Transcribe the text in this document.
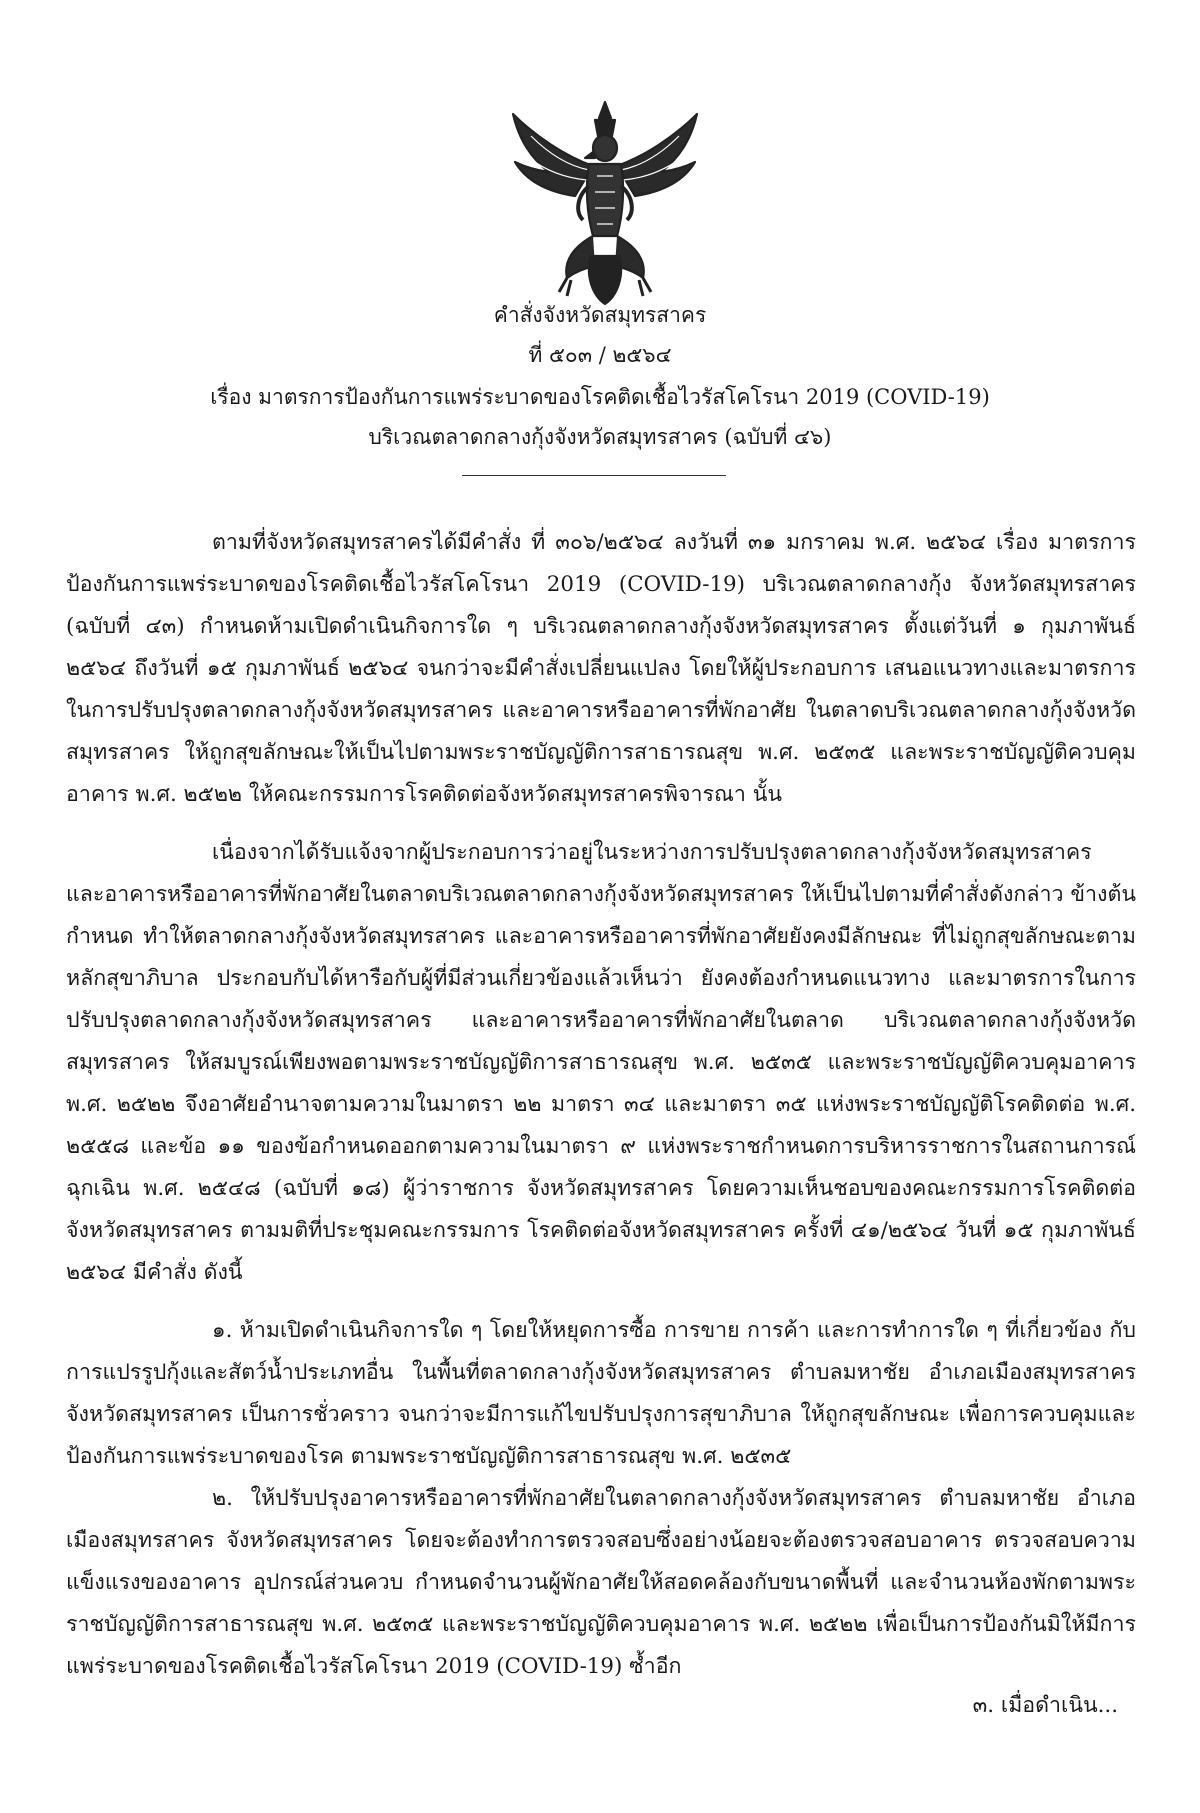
คำสั่งจังหวัดสมุทรสาคร
ที่ ๕๐๓ / ๒๕๖๔
เรื่อง มาตรการป้องกันการแพร่ระบาดของโรคติดเชื้อไวรัสโคโรนา 2019 (COVID-19)
บริเวณตลาดกลางกุ้งจังหวัดสมุทรสาคร (ฉบับที่ ๔๖)

ตามที่จังหวัดสมุทรสาครได้มีคำสั่ง ที่ ๓๐๖/๒๕๖๔ ลงวันที่ ๓๑ มกราคม พ.ศ. ๒๕๖๔ เรื่อง มาตรการป้องกันการแพร่ระบาดของโรคติดเชื้อไวรัสโคโรนา 2019 (COVID-19) บริเวณตลาดกลางกุ้ง จังหวัดสมุทรสาคร (ฉบับที่ ๔๓) กำหนดห้ามเปิดดำเนินกิจการใด ๆ บริเวณตลาดกลางกุ้งจังหวัดสมุทรสาคร ตั้งแต่วันที่ ๑ กุมภาพันธ์ ๒๕๖๔ ถึงวันที่ ๑๕ กุมภาพันธ์ ๒๕๖๔ จนกว่าจะมีคำสั่งเปลี่ยนแปลง โดยให้ผู้ประกอบการ เสนอแนวทางและมาตรการในการปรับปรุงตลาดกลางกุ้งจังหวัดสมุทรสาคร และอาคารหรืออาคารที่พักอาศัย ในตลาดบริเวณตลาดกลางกุ้งจังหวัดสมุทรสาคร ให้ถูกสุขลักษณะให้เป็นไปตามพระราชบัญญัติการสาธารณสุข พ.ศ. ๒๕๓๕ และพระราชบัญญัติควบคุมอาคาร พ.ศ. ๒๕๒๒ ให้คณะกรรมการโรคติดต่อจังหวัดสมุทรสาครพิจารณา นั้น

เนื่องจากได้รับแจ้งจากผู้ประกอบการว่าอยู่ในระหว่างการปรับปรุงตลาดกลางกุ้งจังหวัดสมุทรสาคร และอาคารหรืออาคารที่พักอาศัยในตลาดบริเวณตลาดกลางกุ้งจังหวัดสมุทรสาคร ให้เป็นไปตามที่คำสั่งดังกล่าว ข้างต้นกำหนด ทำให้ตลาดกลางกุ้งจังหวัดสมุทรสาคร และอาคารหรืออาคารที่พักอาศัยยังคงมีลักษณะ ที่ไม่ถูกสุขลักษณะตามหลักสุขาภิบาล ประกอบกับได้หารือกับผู้ที่มีส่วนเกี่ยวข้องแล้วเห็นว่า ยังคงต้องกำหนดแนวทาง และมาตรการในการปรับปรุงตลาดกลางกุ้งจังหวัดสมุทรสาคร และอาคารหรืออาคารที่พักอาศัยในตลาด บริเวณตลาดกลางกุ้งจังหวัดสมุทรสาคร ให้สมบูรณ์เพียงพอตามพระราชบัญญัติการสาธารณสุข พ.ศ. ๒๕๓๕ และพระราชบัญญัติควบคุมอาคาร พ.ศ. ๒๕๒๒ จึงอาศัยอำนาจตามความในมาตรา ๒๒ มาตรา ๓๔ และมาตรา ๓๕ แห่งพระราชบัญญัติโรคติดต่อ พ.ศ. ๒๕๕๘ และข้อ ๑๑ ของข้อกำหนดออกตามความในมาตรา ๙ แห่งพระราชกำหนดการบริหารราชการในสถานการณ์ฉุกเฉิน พ.ศ. ๒๕๔๘ (ฉบับที่ ๑๘) ผู้ว่าราชการ จังหวัดสมุทรสาคร โดยความเห็นชอบของคณะกรรมการโรคติดต่อจังหวัดสมุทรสาคร ตามมติที่ประชุมคณะกรรมการ โรคติดต่อจังหวัดสมุทรสาคร ครั้งที่ ๔๑/๒๕๖๔ วันที่ ๑๕ กุมภาพันธ์ ๒๕๖๔ มีคำสั่ง ดังนี้

๑. ห้ามเปิดดำเนินกิจการใด ๆ โดยให้หยุดการซื้อ การขาย การค้า และการทำการใด ๆ ที่เกี่ยวข้อง กับการแปรรูปกุ้งและสัตว์น้ำประเภทอื่น ในพื้นที่ตลาดกลางกุ้งจังหวัดสมุทรสาคร ตำบลมหาชัย อำเภอเมืองสมุทรสาคร จังหวัดสมุทรสาคร เป็นการชั่วคราว จนกว่าจะมีการแก้ไขปรับปรุงการสุขาภิบาล ให้ถูกสุขลักษณะ เพื่อการควบคุมและป้องกันการแพร่ระบาดของโรค ตามพระราชบัญญัติการสาธารณสุข พ.ศ. ๒๕๓๕

๒. ให้ปรับปรุงอาคารหรืออาคารที่พักอาศัยในตลาดกลางกุ้งจังหวัดสมุทรสาคร ตำบลมหาชัย อำเภอเมืองสมุทรสาคร จังหวัดสมุทรสาคร โดยจะต้องทำการตรวจสอบซึ่งอย่างน้อยจะต้องตรวจสอบอาคาร ตรวจสอบความแข็งแรงของอาคาร อุปกรณ์ส่วนควบ กำหนดจำนวนผู้พักอาศัยให้สอดคล้องกับขนาดพื้นที่ และจำนวนห้องพักตามพระราชบัญญัติการสาธารณสุข พ.ศ. ๒๕๓๕ และพระราชบัญญัติควบคุมอาคาร พ.ศ. ๒๕๒๒ เพื่อเป็นการป้องกันมิให้มีการแพร่ระบาดของโรคติดเชื้อไวรัสโคโรนา 2019 (COVID-19) ซ้ำอีก

๓. เมื่อดำเนิน...
